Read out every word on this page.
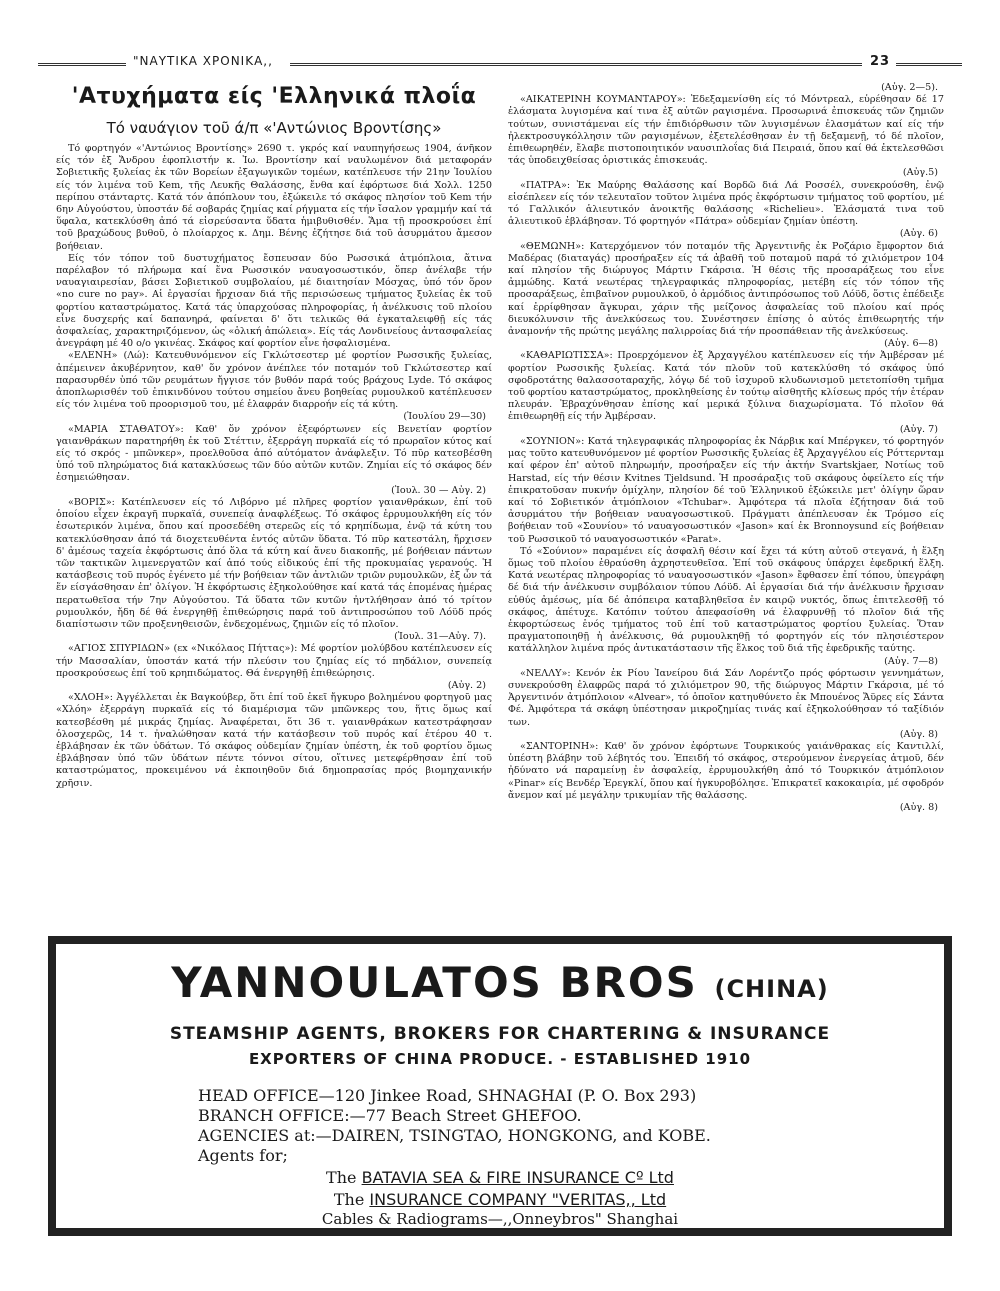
"ΝΑΥΤΙΚΑ ΧΡΟΝΙΚΑ,,	23
'Ατυχήματα είς 'Ελληνικά πλοΐα
Τό ναυάγιον τοῦ ά/π «'Αντώνιος Βροντίσης»

Τό φορτηγόν «'Αντώνιος Βροντίσης» 2690 τ. γκρός καί ναυπηγήσεως 1904, άνῆκον είς τόν ἐξ Ἄνδρου ἐφοπλιστήν κ. Ἰω. Βροντίσην καί ναυλωμένον διά μεταφοράν Σοβιετικῆς ξυλείας ἐκ τῶν Βορείων ἐξαγωγικῶν τομέων, κατέπλευσε τήν 21ην Ἰουλίου είς τόν λιμένα τοῦ Kem, τῆς Λευκῆς Θαλάσσης, ἔνθα καί ἐφόρτωσε διά Χολλ. 1250 περίπου στάνταρτς. Κατά τόν ἀπόπλουν του, ἐξώκειλε τό σκάφος πλησίον τοῦ Kem τήν 6ην Αὐγούστου, ὑποστάν δέ σοβαράς ζημίας καί ρήγματα είς τήν ἴσαλον γραμμήν καί τά ὕφαλα, κατεκλύσθη ἀπό τά εἰσρεύσαντα ὕδατα ἡμιβυθισθέν. Ἅμα τῇ προσκρούσει ἐπί τοῦ βραχώδους βυθοῦ, ὁ πλοίαρχος κ. Δημ. Βένης ἐζήτησε διά τοῦ ἀσυρμάτου ἄμεσον βοήθειαν.

Είς τόν τόπον τοῦ δυστυχήματος ἔσπευσαν δύο Ρωσσικά ἀτμόπλοια, ἅτινα παρέλαβον τό πλήρωμα καί ἕνα Ρωσσικόν ναυαγοσωστικόν, ὅπερ ἀνέλαβε τήν ναυαγιαιρεσίαν, βάσει Σοβιετικοῦ συμβολαίου, μέ διαιτησίαν Μόσχας, ὑπό τόν ὅρον «no cure no pay». Αἱ ἐργασίαι ἤρχισαν διά τῆς περισώσεως τμήματος ξυλείας ἐκ τοῦ φορτίου καταστρώματος. Κατά τάς ὑπαρχούσας πληροφορίας, ἡ ἀνέλκυσις τοῦ πλοίου εἶνε δυσχερής καί δαπανηρά, φαίνεται δ' ὅτι τελικῶς θά ἐγκαταλειφθῇ είς τάς ἀσφαλείας, χαρακτηριζόμενον, ὡς «ὁλική ἀπώλεια». Είς τάς Λονδινείους ἀντασφαλείας ἀνεγράφη μέ 40 ο/ο γκινέας. Σκάφος καί φορτίον εἶνε ἠσφαλισμένα.

«ΕΛΕΝΗ» (Λώ): Κατευθυνόμενον είς Γκλώτσεστερ μέ φορτίον Ρωσσικῆς ξυλείας, ἀπέμεινεν ἀκυβέρνητον, καθ' ὅν χρόνον ἀνέπλεε τόν ποταμόν τοῦ Γκλώτσεστερ καί παρασυρθέν ὑπό τῶν ρευμάτων ἤγγισε τόν βυθόν παρά τούς βράχους Lyde. Τό σκάφος ἀποπλωρισθέν τοῦ ἐπικινδύνου τούτου σημείου ἄνευ βοηθείας ρυμουλκοῦ κατέπλευσεν είς τόν λιμένα τοῦ προορισμοῦ του, μέ ἐλαφράν διαρροήν είς τά κύτη.

(Ἰουλίου 29—30)

«ΜΑΡΙΑ ΣΤΑΘΑΤΟΥ»: Καθ' ὅν χρόνον ἐξεφόρτωνεν είς Βενετίαν φορτίον γαιανθράκων παρατηρήθη ἐκ τοῦ Στέττιν, ἐξερράγη πυρκαϊά είς τό πρωραῖον κύτος καί είς τό σκρός - μπῶνκερ», προελθοῦσα ἀπό αὐτόματον ἀνάφλεξιν. Τό πῦρ κατεσβέσθη ὑπό τοῦ πληρώματος διά κατακλύσεως τῶν δύο αὐτῶν κυτῶν. Ζημίαι είς τό σκάφος δέν ἐσημειώθησαν.

(Ἰουλ. 30 — Αὐγ. 2)

«ΒΟΡΙΣ»: Κατέπλευσεν είς τό Λιβόρνο μέ πλῆρες φορτίον γαιανθράκων, ἐπί τοῦ ὁποίου εἶχεν ἐκραγῆ πυρκαϊά, συνεπείᾳ ἀναφλέξεως. Τό σκάφος ἐρρυμουλκήθη είς τόν ἐσωτερικόν λιμένα, ὅπου καί προσεδέθη στερεῶς είς τό κρηπίδωμα, ἐνῷ τά κύτη του κατεκλύσθησαν ἀπό τά διοχετευθέντα ἐντός αὐτῶν ὕδατα. Τό πῦρ κατεστάλη, ἤρχισεν δ' ἀμέσως ταχεία ἐκφόρτωσις ἀπό ὅλα τά κύτη καί ἄνευ διακοπῆς, μέ βοήθειαν πάντων τῶν τακτικῶν λιμενεργατῶν καί ἀπό τούς εἰδικούς ἐπί τῆς προκυμαίας γερανούς. Ἡ κατάσβεσις τοῦ πυρός ἐγένετο μέ τήν βοήθειαν τῶν ἀντλιῶν τριῶν ρυμουλκῶν, ἐξ ὧν τά ἕν είσγάσθησαν ἐπ' ὀλίγον. Ἡ ἐκφόρτωσις ἐξηκολούθησε καί κατά τάς ἑπομένας ἡμέρας περατωθεῖσα τήν 7ην Αὐγούστου. Τά ὕδατα τῶν κυτῶν ἠντλήθησαν ἀπό τό τρίτον ρυμουλκόν, ἤδη δέ θά ἐνεργηθῇ ἐπιθεώρησις παρά τοῦ ἀντιπροσώπου τοῦ Λόϋδ πρός διαπίστωσιν τῶν προξενηθεισῶν, ἐνδεχομένως, ζημιῶν είς τό πλοῖον.

(Ἰουλ. 31—Αὐγ. 7).

«ΑΓΙΟΣ ΣΠΥΡΙΔΩΝ» (εx «Νικόλαος Πήττας»): Μέ φορτίον μολύβδου κατέπλευσεν είς τήν Μασσαλίαν, ὑποστάν κατά τήν πλεύσιν του ζημίας είς τό πηδάλιον, συνεπείᾳ προσκρούσεως ἐπί τοῦ κρηπιδώματος. Θά ἐνεργηθῇ ἐπιθεώρησις.

(Αὐγ. 2)

«ΧΛΟΗ»: Ἀγγέλλεται ἐκ Βαγκούβερ, ὅτι ἐπί τοῦ ἐκεῖ ἤγκυρο βολημένου φορτηγοῦ μας «Χλόη» ἐξερράγη πυρκαϊά είς τό διαμέρισμα τῶν μπῶνκερς του, ἥτις ὅμως καί κατεσβέσθη μέ μικράς ζημίας. Ἀναφέρεται, ὅτι 36 τ. γαιανθράκων κατεστράφησαν ὁλοσχερῶς, 14 τ. ἠναλώθησαν κατά τήν κατάσβεσιν τοῦ πυρός καί ἐτέρου 40 τ. ἐβλάβησαν ἐκ τῶν ὑδάτων. Τό σκάφος οὐδεμίαν ζημίαν ὑπέστη, ἐκ τοῦ φορτίου ὅμως ἐβλάβησαν ὑπό τῶν ὑδάτων πέντε τόννοι σίτου, οἵτινες μετεφέρθησαν ἐπί τοῦ καταστρώματος, προκειμένου νά ἐκποιηθοῦν διά δημοπρασίας πρός βιομηχανικήν χρῆσιν.

(Αὐγ. 2—5).

«ΑΙΚΑΤΕΡΙΝΗ ΚΟΥΜΑΝΤΑΡΟΥ»: Ἐδεξαμενίσθη είς τό Μόντρεαλ, εὑρέθησαν δέ 17 ἐλάσματα λυγισμένα καί τινα ἐξ αὐτῶν ραγισμένα. Προσωρινά ἐπισκευάς τῶν ζημιῶν τούτων, συνιστάμεναι είς τήν ἐπιδιόρθωσιν τῶν λυγισμένων ἐλασμάτων καί είς τήν ἠλεκτροσυγκόλλησιν τῶν ραγισμένων, ἐξετελέσθησαν ἐν τῇ δεξαμενῇ, τό δέ πλοῖον, ἐπιθεωρηθέν, ἔλαβε πιστοποιητικόν ναυσιπλοΐας διά Πειραιά, ὅπου καί θά ἐκτελεσθῶσι τάς ὑποδειχθείσας ὁριστικάς ἐπισκευάς.

(Αὐγ.5)

«ΠΑΤΡΑ»: Ἐκ Μαύρης Θαλάσσης καί Βορδῶ διά Λά Ροσσέλ, συνεκρούσθη, ἐνῷ εἰσέπλεεν είς τόν τελευταῖον τοῦτον λιμένα πρός ἐκφόρτωσιν τμήματος τοῦ φορτίου, μέ τό Γαλλικόν ἁλιευτικόν ἀνοικτῆς θαλάσσης «Richelieu». Ἐλάσματά τινα τοῦ ἁλιευτικοῦ ἐβλάβησαν. Τό φορτηγόν «Πάτρα» οὐδεμίαν ζημίαν ὑπέστη.

(Αὐγ. 6)

«ΘΕΜΩΝΗ»: Κατερχόμενον τόν ποταμόν τῆς Ἀργεντινῆς ἐκ Ροζάριο ἔμφορτον διά Μαδέρας (διαταγάς) προσήραξεν είς τά ἀβαθῆ τοῦ ποταμοῦ παρά τό χιλιόμετρον 104 καί πλησίον τῆς διώρυγος Μάρτιν Γκάρσια. Ἡ θέσις τῆς προσαράξεως του εἶνε ἀμμώδης. Κατά νεωτέρας τηλεγραφικάς πληροφορίας, μετέβη είς τόν τόπον τῆς προσαράξεως, ἐπιβαῖνον ρυμουλκοῦ, ὁ ἁρμόδιος ἀντιπρόσωπος τοῦ Λόϋδ, ὅστις ἐπέδειξε καί ἐρρίφθησαν ἄγκυραι, χάριν τῆς μείζονος ἀσφαλείας τοῦ πλοίου καί πρός διευκόλυνσιν τῆς ἀνελκύσεως του. Συνέστησεν ἐπίσης ὁ αὐτός ἐπιθεωρητής τήν ἀναμονήν τῆς πρώτης μεγάλης παλιρροίας διά τήν προσπάθειαν τῆς ἀνελκύσεως.

(Αὐγ. 6—8)

«ΚΑΘΑΡΙΩΤΙΣΣΑ»: Προερχόμενον ἐξ Ἀρχαγγέλου κατέπλευσεν είς τήν Ἀμβέρσαν μέ φορτίον Ρωσσικῆς ξυλείας. Κατά τόν πλοῦν τοῦ κατεκλύσθη τό σκάφος ὑπό σφοδροτάτης θαλασσοταραχῆς, λόγῳ δέ τοῦ ἰσχυροῦ κλυδωνισμοῦ μετετοπίσθη τμῆμα τοῦ φορτίου καταστρώματος, προκληθείσης ἐν τούτῳ αἰσθητῆς κλίσεως πρός τήν ἑτέραν πλευράν. Ἐβραχύνθησαν ἐπίσης καί μερικά ξύλινα διαχωρίσματα. Τό πλοῖον θά ἐπιθεωρηθῇ είς τήν Ἀμβέρσαν.

(Αὐγ. 7)

«ΣΟΥΝΙΟΝ»: Κατά τηλεγραφικάς πληροφορίας ἐκ Νάρβικ καί Μπέργκεν, τό φορτηγόν μας τοῦτο κατευθυνόμενον μέ φορτίον Ρωσσικῆς ξυλείας ἐξ Ἀρχαγγέλου είς Ρόττερνταμ καί φέρον ἐπ' αὐτοῦ πληρωμήν, προσήραξεν είς τήν ἀκτήν Svartskjaer, Νοτίως τοῦ Harstad, είς τήν θέσιν Kvitnes Tjeldsund. Ἡ προσάραξις τοῦ σκάφους ὀφείλετο είς τήν ἐπικρατοῦσαν πυκνήν ὁμίχλην, πλησίον δέ τοῦ Ἑλληνικοῦ ἐξώκειλε μετ' ὀλίγην ὥραν καί τό Σοβιετικόν ἀτμόπλοιον «Tchubar». Ἀμφότερα τά πλοῖα ἐζήτησαν διά τοῦ ἀσυρμάτου τήν βοήθειαν ναυαγοσωστικοῦ. Πράγματι ἀπέπλευσαν ἐκ Τρόμσο είς βοήθειαν τοῦ «Σουνίου» τό ναυαγοσωστικόν «Jason» καί ἐκ Bronnoysund είς βοήθειαν τοῦ Ρωσσικοῦ τό ναυαγοσωστικόν «Parat».

Τό «Σούνιον» παραμένει είς ἀσφαλῆ θέσιν καί ἔχει τά κύτη αὐτοῦ στεγανά, ἡ ἕλξη ὅμως τοῦ πλοίου ἐθραύσθη ἀχρηστευθεῖσα. Ἐπί τοῦ σκάφους ὑπάρχει ἐφεδρική ἕλξη. Κατά νεωτέρας πληροφορίας τό ναυαγοσωστικόν «Jason» ἔφθασεν ἐπί τόπου, ὑπεγράφη δέ διά τήν ἀνέλκυσιν συμβόλαιον τύπου Λόϋδ. Αἱ ἐργασίαι διά τήν ἀνέλκυσιν ἤρχισαν εὐθύς ἀμέσως, μία δέ ἀπόπειρα καταβληθεῖσα ἐν καιρῷ νυκτός, ὅπως ἐπιτελεσθῇ τό σκάφος, ἀπέτυχε. Κατόπιν τούτου ἀπεφασίσθη νά ἐλαφρυνθῇ τό πλοῖον διά τῆς ἐκφορτώσεως ἑνός τμήματος τοῦ ἐπί τοῦ καταστρώματος φορτίου ξυλείας. Ὅταν πραγματοποιηθῇ ἡ ἀνέλκυσις, θά ρυμουλκηθῇ τό φορτηγόν είς τόν πλησιέστερον κατάλληλον λιμένα πρός ἀντικατάστασιν τῆς ἕλκος τοῦ διά τῆς ἐφεδρικῆς ταύτης.

(Αὐγ. 7—8)

«ΝΕΛΛΥ»: Κενόν ἐκ Ρίου Ἰανείρου διά Σάν Λορέντζο πρός φόρτωσιν γεννημάτων, συνεκρούσθη ἐλαφρῶς παρά τό χιλιόμετρον 90, τῆς διώρυγος Μάρτιν Γκάρσια, μέ τό Ἀργεντινόν ἀτμόπλοιον «Alvear», τό ὁποῖον κατηυθύνετο ἐκ Μπουένος Ἄϋρες είς Σάντα Φέ. Ἀμφότερα τά σκάφη ὑπέστησαν μικροζημίας τινάς καί ἐξηκολούθησαν τό ταξίδιόν των.

(Αὐγ. 8)

«ΣΑΝΤΟΡΙΝΗ»: Καθ' ὅν χρόνον ἐφόρτωνε Τουρκικούς γαιάνθρακας είς Καντιλλί, ὑπέστη βλάβην τοῦ λέβητός του. Ἐπειδή τό σκάφος, στερούμενον ἐνεργείας ἀτμοῦ, δέν ἠδύνατο νά παραμείνῃ ἐν ἀσφαλείᾳ, ἐρρυμουλκήθη ἀπό τό Τουρκικόν ἀτμόπλοιον «Pinar» είς Βενδέρ Ἐρεγκλί, ὅπου καί ἠγκυροβόλησε. Ἐπικρατεῖ κακοκαιρία, μέ σφοδρόν ἄνεμον καί μέ μεγάλην τρικυμίαν τῆς θαλάσσης.

(Αὐγ. 8)

YANNOULATOS BROS (CHINA)
STEAMSHIP AGENTS, BROKERS FOR CHARTERING & INSURANCE
EXPORTERS OF CHINA PRODUCE. - ESTABLISHED 1910
HEAD OFFICE—120 Jinkee Road, SHNAGHAI (P. O. Box 293)
BRANCH OFFICE:—77 Beach Street GHEFOO.
AGENCIES at:—DAIREN, TSINGTAO, HONGKONG, and KOBE.
Agents for;
The BATAVIA SEA & FIRE INSURANCE Cº Ltd
The INSURANCE COMPANY "VERITAS,, Ltd
Cables & Radiograms—,,Onneybros" Shanghai
